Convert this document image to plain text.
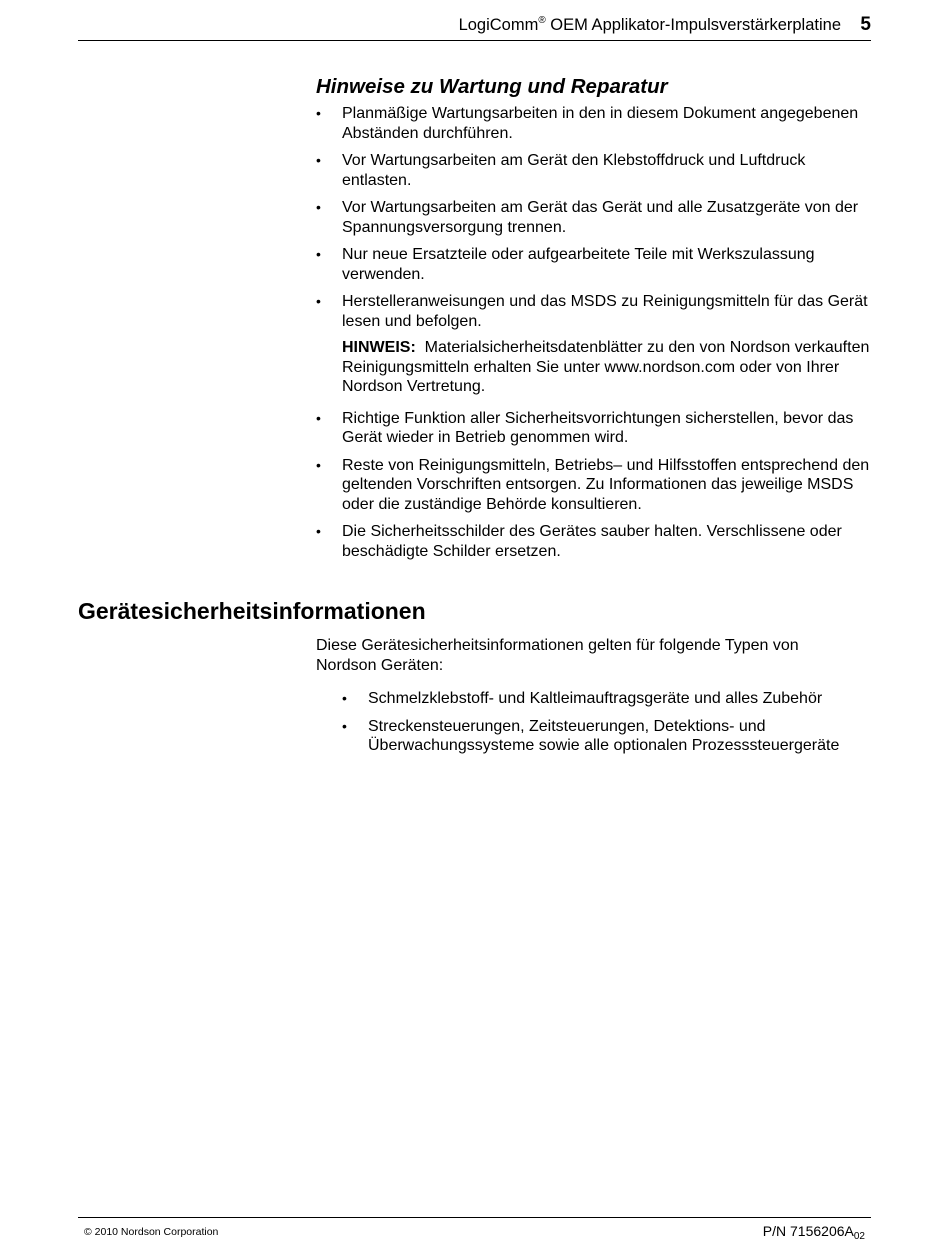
LogiComm® OEM Applikator-Impulsverstärkerplatine 5
Hinweise zu Wartung und Reparatur
• Planmäßige Wartungsarbeiten in den in diesem Dokument angegebenen Abständen durchführen.
• Vor Wartungsarbeiten am Gerät den Klebstoffdruck und Luftdruck entlasten.
• Vor Wartungsarbeiten am Gerät das Gerät und alle Zusatzgeräte von der Spannungsversorgung trennen.
• Nur neue Ersatzteile oder aufgearbeitete Teile mit Werkszulassung verwenden.
• Herstelleranweisungen und das MSDS zu Reinigungsmitteln für das Gerät lesen und befolgen.
HINWEIS: Materialsicherheitsdatenblätter zu den von Nordson verkauften Reinigungsmitteln erhalten Sie unter www.nordson.com oder von Ihrer Nordson Vertretung.
• Richtige Funktion aller Sicherheitsvorrichtungen sicherstellen, bevor das Gerät wieder in Betrieb genommen wird.
• Reste von Reinigungsmitteln, Betriebs– und Hilfsstoffen entsprechend den geltenden Vorschriften entsorgen. Zu Informationen das jeweilige MSDS oder die zuständige Behörde konsultieren.
• Die Sicherheitsschilder des Gerätes sauber halten. Verschlissene oder beschädigte Schilder ersetzen.
Gerätesicherheitsinformationen

Diese Gerätesicherheitsinformationen gelten für folgende Typen von Nordson Geräten:

• Schmelzklebstoff- und Kaltleimauftragsgeräte und alles Zubehör
• Streckensteuerungen, Zeitsteuerungen, Detektions- und Überwachungssysteme sowie alle optionalen Prozesssteuergeräte
© 2010 Nordson Corporation	P/N $7156206A_{02}$
